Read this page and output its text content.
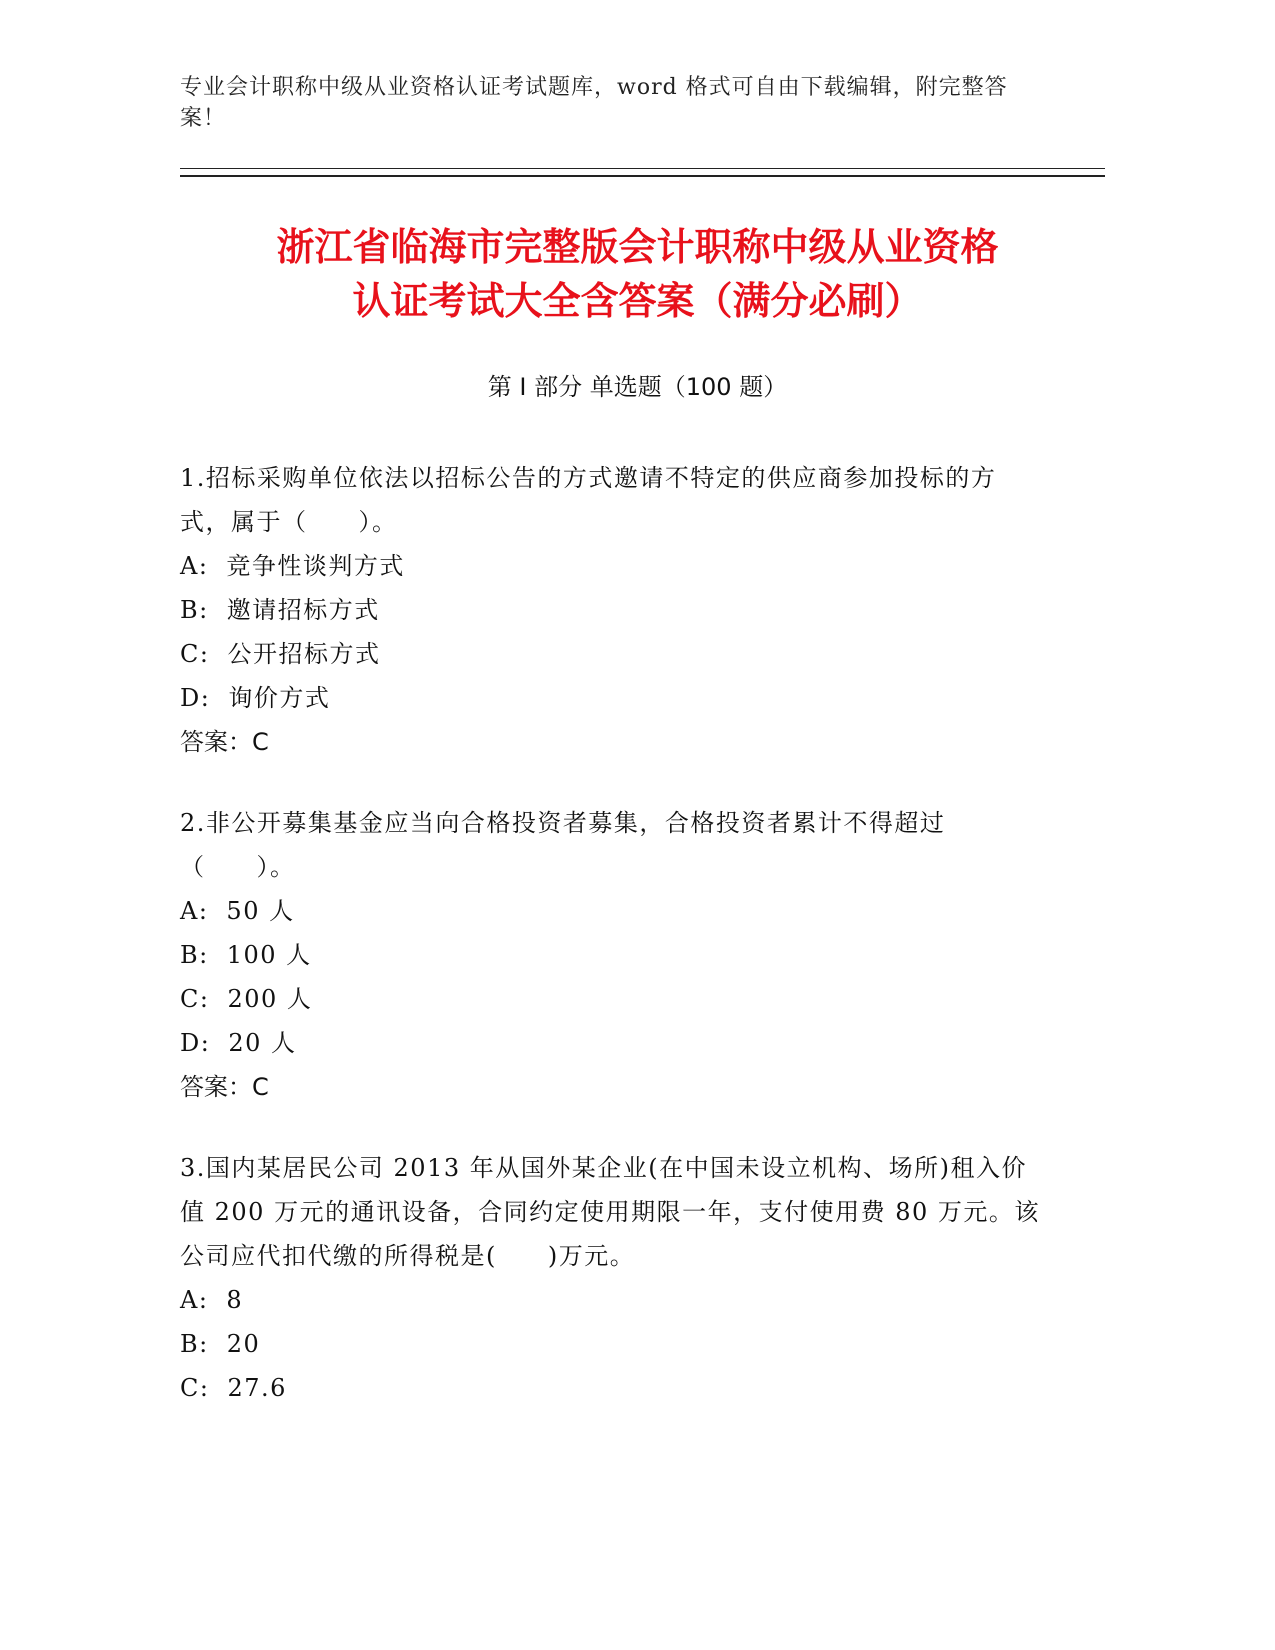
专业会计职称中级从业资格认证考试题库，word 格式可自由下载编辑，附完整答案！
浙江省临海市完整版会计职称中级从业资格
认证考试大全含答案（满分必刷）
第 I 部分 单选题（100 题）
1.招标采购单位依法以招标公告的方式邀请不特定的供应商参加投标的方式，属于（　　）。
A: 竞争性谈判方式
B: 邀请招标方式
C: 公开招标方式
D: 询价方式
答案：C
2.非公开募集基金应当向合格投资者募集，合格投资者累计不得超过（　　）。
A: 50 人
B: 100 人
C: 200 人
D: 20 人
答案：C
3.国内某居民公司 2013 年从国外某企业(在中国未设立机构、场所)租入价值 200 万元的通讯设备，合同约定使用期限一年，支付使用费 80 万元。该公司应代扣代缴的所得税是(　　)万元。
A: 8
B: 20
C: 27.6
